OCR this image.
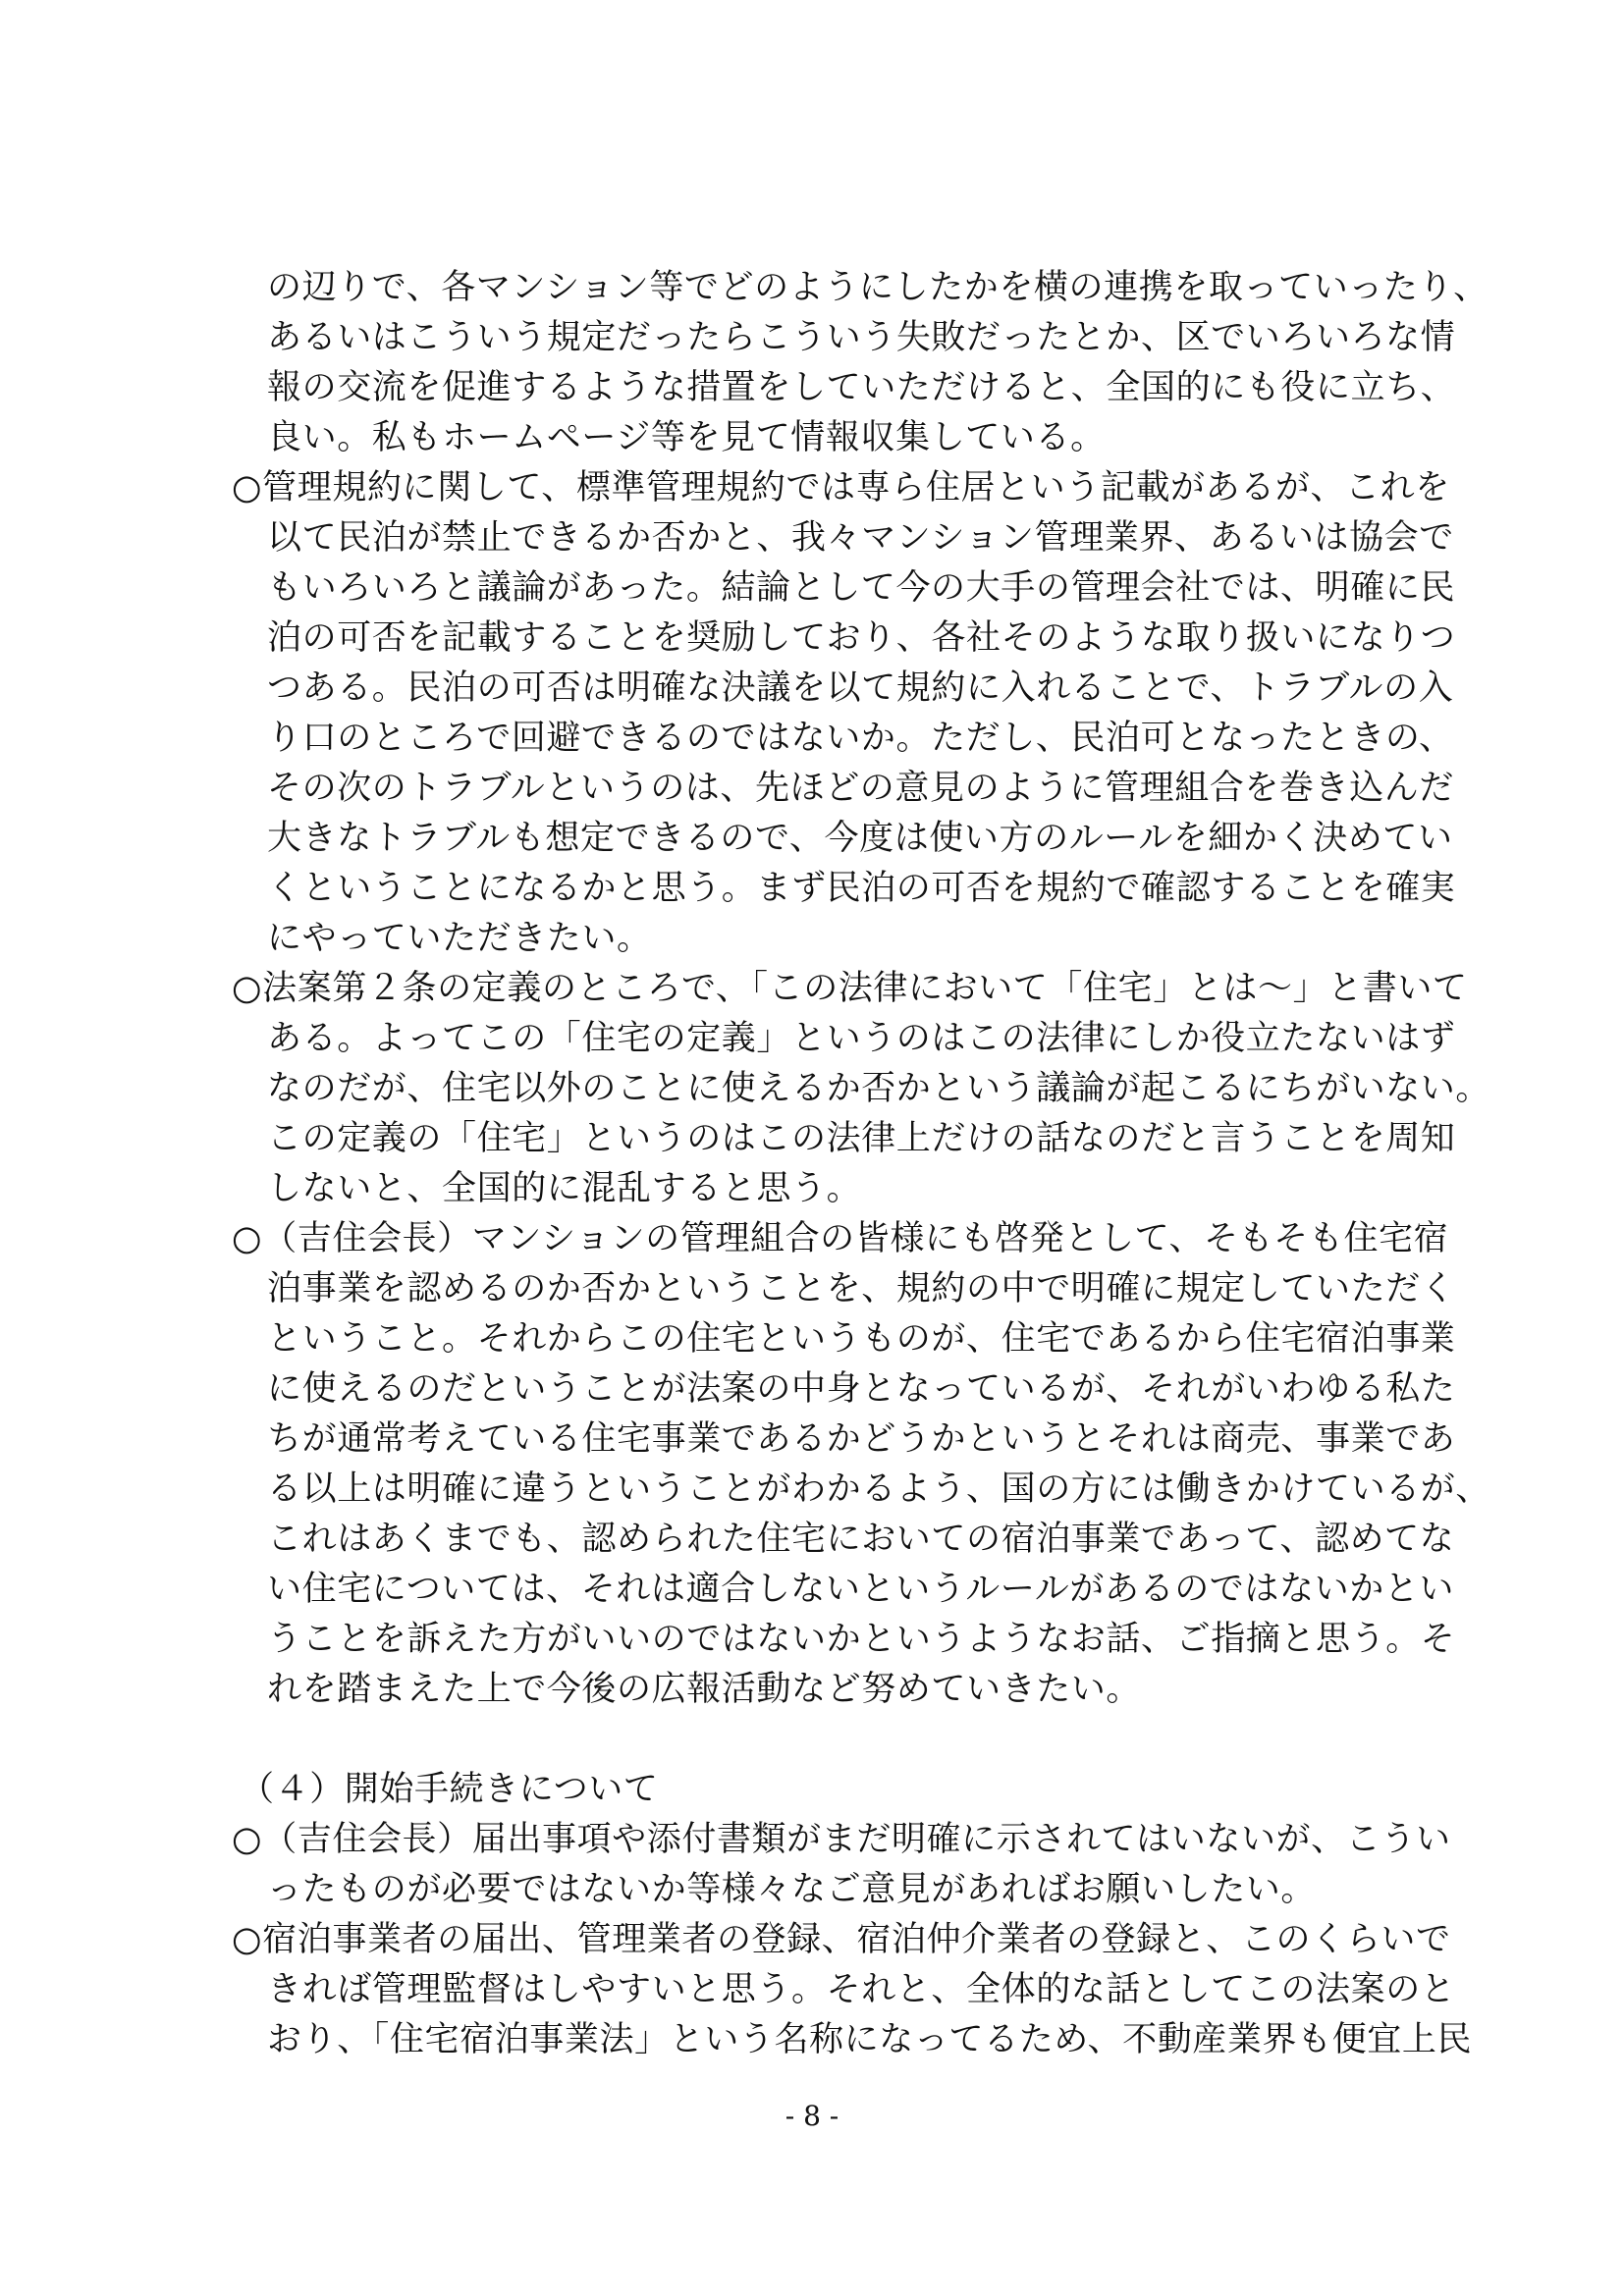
の辺りで、各マンション等でどのようにしたかを横の連携を取っていったり、
あるいはこういう規定だったらこういう失敗だったとか、区でいろいろな情
報の交流を促進するような措置をしていただけると、全国的にも役に立ち、
良い。私もホームページ等を見て情報収集している。
○管理規約に関して、標準管理規約では専ら住居という記載があるが、これを
以て民泊が禁止できるか否かと、我々マンション管理業界、あるいは協会で
もいろいろと議論があった。結論として今の大手の管理会社では、明確に民
泊の可否を記載することを奨励しており、各社そのような取り扱いになりつ
つある。民泊の可否は明確な決議を以て規約に入れることで、トラブルの入
り口のところで回避できるのではないか。ただし、民泊可となったときの、
その次のトラブルというのは、先ほどの意見のように管理組合を巻き込んだ
大きなトラブルも想定できるので、今度は使い方のルールを細かく決めてい
くということになるかと思う。まず民泊の可否を規約で確認することを確実
にやっていただきたい。
○法案第２条の定義のところで、「この法律において「住宅」とは～」と書いて
ある。よってこの「住宅の定義」というのはこの法律にしか役立たないはず
なのだが、住宅以外のことに使えるか否かという議論が起こるにちがいない。
この定義の「住宅」というのはこの法律上だけの話なのだと言うことを周知
しないと、全国的に混乱すると思う。
○（吉住会長）マンションの管理組合の皆様にも啓発として、そもそも住宅宿
泊事業を認めるのか否かということを、規約の中で明確に規定していただく
ということ。それからこの住宅というものが、住宅であるから住宅宿泊事業
に使えるのだということが法案の中身となっているが、それがいわゆる私た
ちが通常考えている住宅事業であるかどうかというとそれは商売、事業であ
る以上は明確に違うということがわかるよう、国の方には働きかけているが、
これはあくまでも、認められた住宅においての宿泊事業であって、認めてな
い住宅については、それは適合しないというルールがあるのではないかとい
うことを訴えた方がいいのではないかというようなお話、ご指摘と思う。そ
れを踏まえた上で今後の広報活動など努めていきたい。
（４）開始手続きについて
○（吉住会長）届出事項や添付書類がまだ明確に示されてはいないが、こうい
ったものが必要ではないか等様々なご意見があればお願いしたい。
○宿泊事業者の届出、管理業者の登録、宿泊仲介業者の登録と、このくらいで
きれば管理監督はしやすいと思う。それと、全体的な話としてこの法案のと
おり、「住宅宿泊事業法」という名称になってるため、不動産業界も便宜上民
- 8 -
